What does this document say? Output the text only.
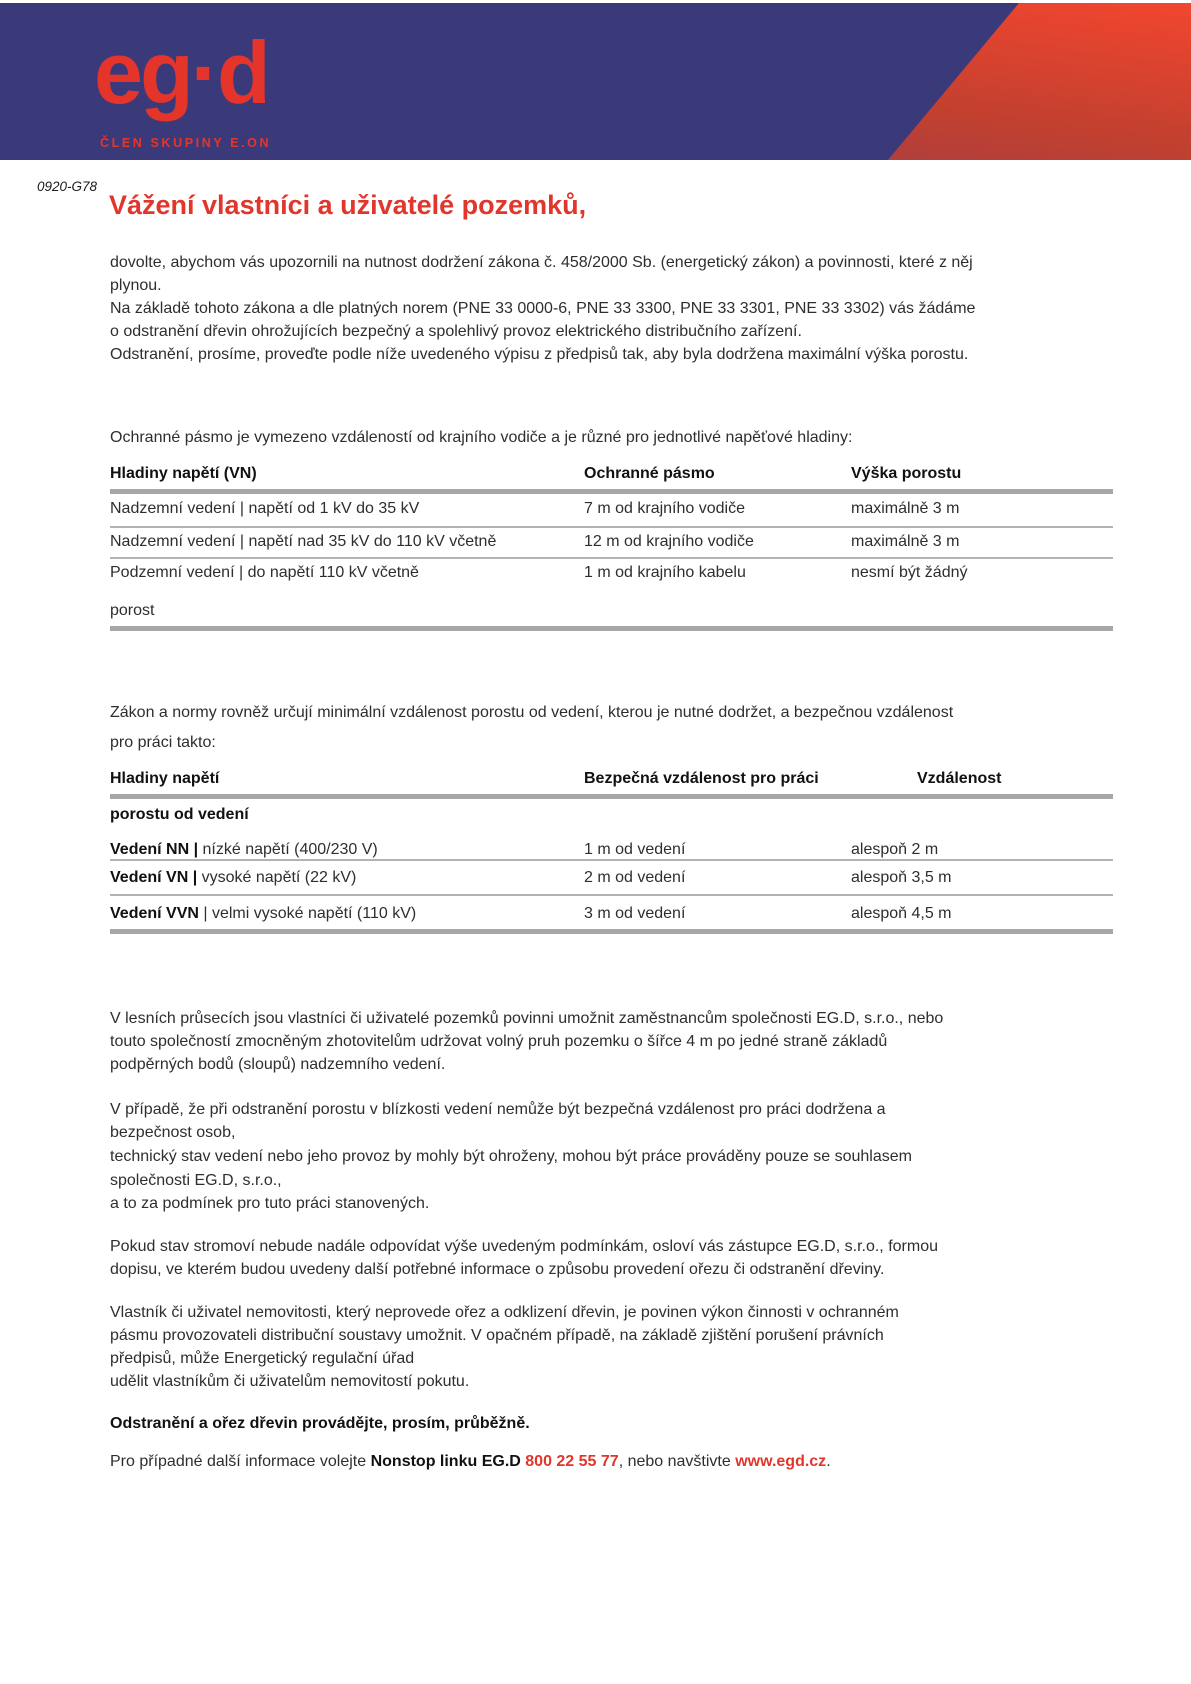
eg·d
ČLEN SKUPINY E.ON
0920-G78
Vážení vlastníci a uživatelé pozemků,
dovolte, abychom vás upozornili na nutnost dodržení zákona č. 458/2000 Sb. (energetický zákon) a povinnosti, které z něj
plynou.
Na základě tohoto zákona a dle platných norem (PNE 33 0000-6, PNE 33 3300, PNE 33 3301, PNE 33 3302) vás žádáme
o odstranění dřevin ohrožujících bezpečný a spolehlivý provoz elektrického distribučního zařízení.
Odstranění, prosíme, proveďte podle níže uvedeného výpisu z předpisů tak, aby byla dodržena maximální výška porostu.
Ochranné pásmo je vymezeno vzdáleností od krajního vodiče a je různé pro jednotlivé napěťové hladiny:
Hladiny napětí (VN)	Ochranné pásmo	Výška porostu
Nadzemní vedení | napětí od 1 kV do 35 kV	7 m od krajního vodiče	maximálně 3 m
Nadzemní vedení | napětí nad 35 kV do 110 kV včetně	12 m od krajního vodiče	maximálně 3 m
Podzemní vedení | do napětí 110 kV včetně	1 m od krajního kabelu	nesmí být žádný
porost
Zákon a normy rovněž určují minimální vzdálenost porostu od vedení, kterou je nutné dodržet, a bezpečnou vzdálenost
pro práci takto:
Hladiny napětí	Bezpečná vzdálenost pro práci	Vzdálenost
porostu od vedení
Vedení NN | nízké napětí (400/230 V)	1 m od vedení	alespoň 2 m
Vedení VN | vysoké napětí (22 kV)	2 m od vedení	alespoň 3,5 m
Vedení VVN | velmi vysoké napětí (110 kV)	3 m od vedení	alespoň 4,5 m
V lesních průsecích jsou vlastníci či uživatelé pozemků povinni umožnit zaměstnancům společnosti EG.D, s.r.o., nebo
touto společností zmocněným zhotovitelům udržovat volný pruh pozemku o šířce 4 m po jedné straně základů
podpěrných bodů (sloupů) nadzemního vedení.
V případě, že při odstranění porostu v blízkosti vedení nemůže být bezpečná vzdálenost pro práci dodržena a
bezpečnost osob,
technický stav vedení nebo jeho provoz by mohly být ohroženy, mohou být práce prováděny pouze se souhlasem
společnosti EG.D, s.r.o.,
a to za podmínek pro tuto práci stanovených.
Pokud stav stromoví nebude nadále odpovídat výše uvedeným podmínkám, osloví vás zástupce EG.D, s.r.o., formou
dopisu, ve kterém budou uvedeny další potřebné informace o způsobu provedení ořezu či odstranění dřeviny.
Vlastník či uživatel nemovitosti, který neprovede ořez a odklizení dřevin, je povinen výkon činnosti v ochranném
pásmu provozovateli distribuční soustavy umožnit. V opačném případě, na základě zjištění porušení právních
předpisů, může Energetický regulační úřad
udělit vlastníkům či uživatelům nemovitostí pokutu.
Odstranění a ořez dřevin provádějte, prosím, průběžně.
Pro případné další informace volejte Nonstop linku EG.D 800 22 55 77, nebo navštivte www.egd.cz.
